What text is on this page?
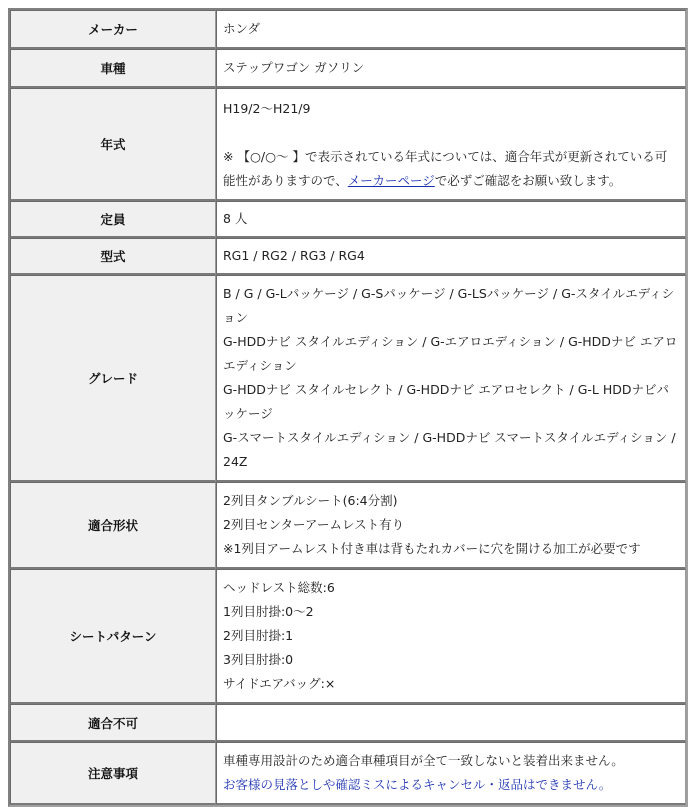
メーカー	ホンダ
車種	ステップワゴン ガソリン
年式	H19/2〜H21/9
※ 【○/○〜 】で表示されている年式については、適合年式が更新されている可能性がありますので、メーカーページで必ずご確認をお願い致します。
定員	8 人
型式	RG1 / RG2 / RG3 / RG4
グレード	B / G / G-Lパッケージ / G-Sパッケージ / G-LSパッケージ / G-スタイルエディション
G-HDDナビ スタイルエディション / G-エアロエディション / G-HDDナビ エアロエディション
G-HDDナビ スタイルセレクト / G-HDDナビ エアロセレクト / G-L HDDナビパッケージ
G-スマートスタイルエディション / G-HDDナビ スマートスタイルエディション / 24Z

適合形状	2列目タンブルシート(6:4分割)
2列目センターアームレスト有り
※1列目アームレスト付き車は背もたれカバーに穴を開ける加工が必要です

シートパターン	ヘッドレスト総数:6
1列目肘掛:0〜2
2列目肘掛:1
3列目肘掛:0
サイドエアバッグ:×

適合不可	
注意事項	車種専用設計のため適合車種項目が全て一致しないと装着出来ません。
お客様の見落としや確認ミスによるキャンセル・返品はできません。
